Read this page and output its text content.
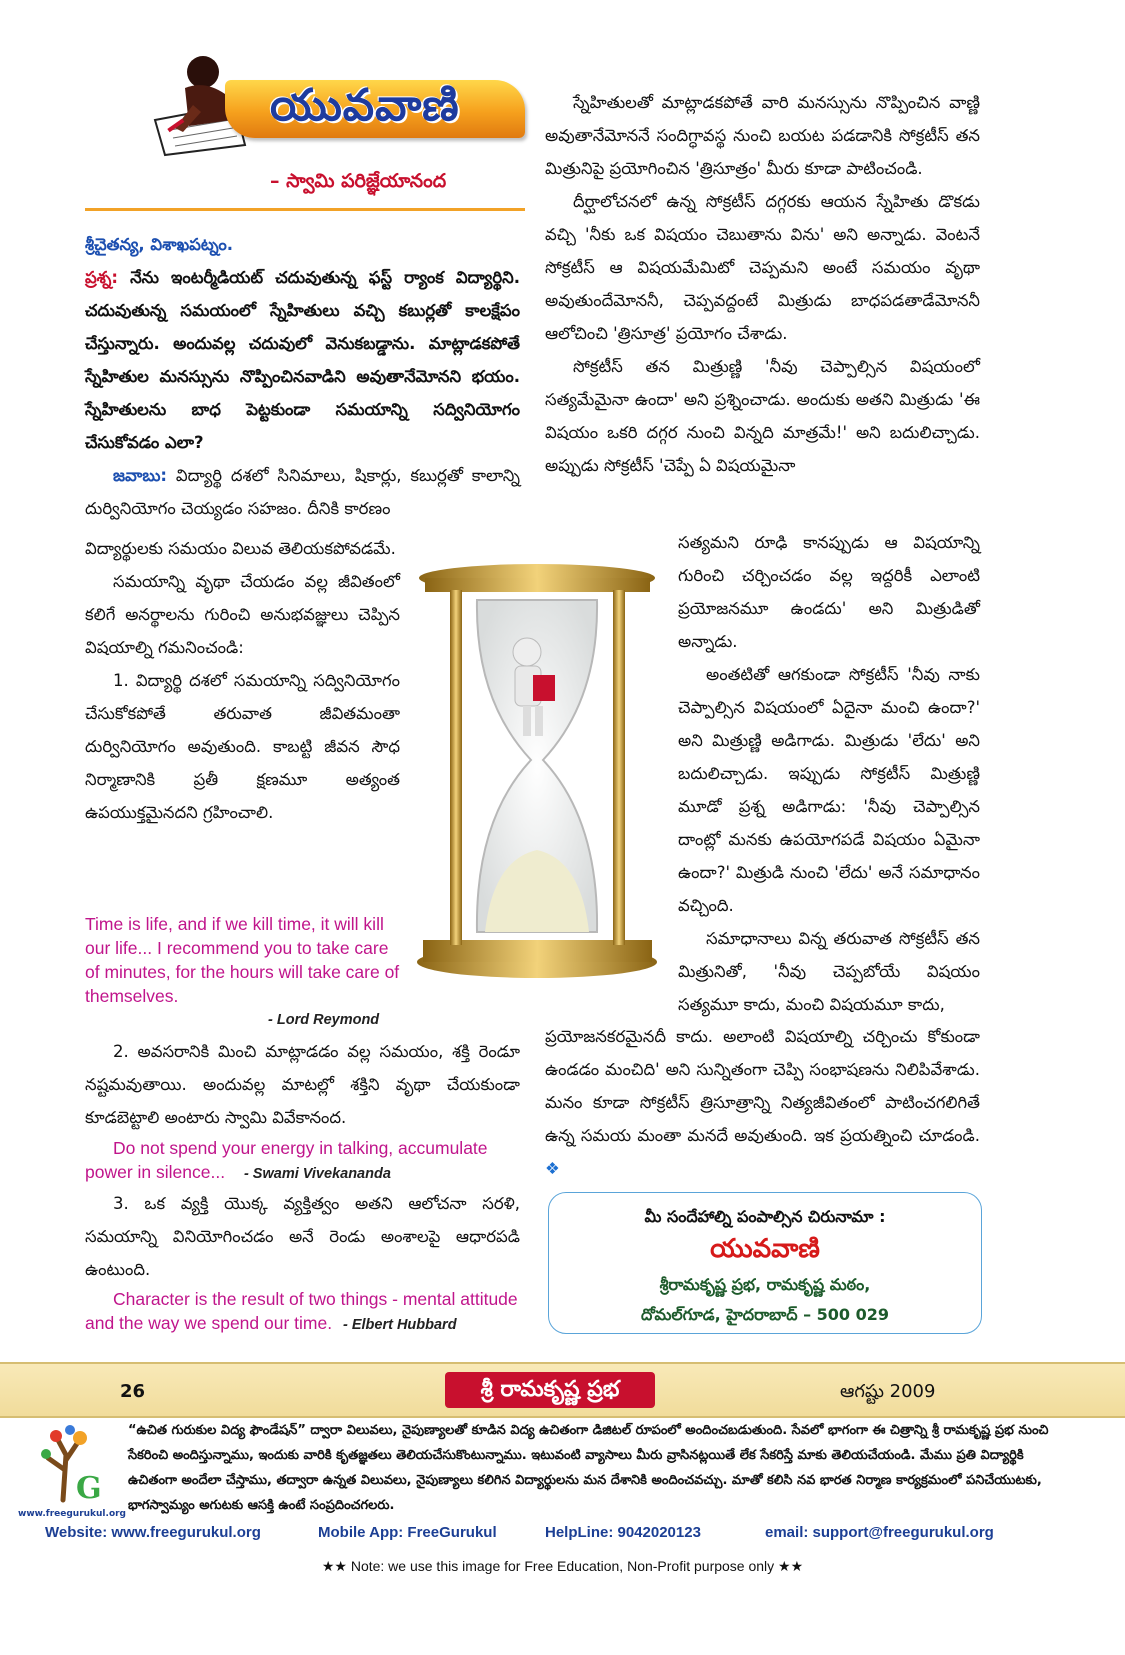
యువవాణి
– స్వామి పరిజ్ఞేయానంద

శ్రీచైతన్య, విశాఖపట్నం.

ప్రశ్న: నేను ఇంటర్మీడియట్ చదువుతున్న ఫస్ట్ ర్యాంక విద్యార్థిని. చదువుతున్న సమయంలో స్నేహితులు వచ్చి కబుర్లతో కాలక్షేపం చేస్తున్నారు. అందువల్ల చదువులో వెనుకబడ్డాను. మాట్లాడకపోతే స్నేహితుల మనస్సును నొప్పించినవాడిని అవుతానేమోనని భయం. స్నేహితులను బాధ పెట్టకుండా సమయాన్ని సద్వినియోగం చేసుకోవడం ఎలా?

జవాబు: విద్యార్థి దశలో సినిమాలు, షికార్లు, కబుర్లతో కాలాన్ని దుర్వినియోగం చెయ్యడం సహజం. దీనికి కారణం

విద్యార్థులకు సమయం విలువ తెలియకపోవడమే.

సమయాన్ని వృథా చేయడం వల్ల జీవితంలో కలిగే అనర్థాలను గురించి అనుభవజ్ఞులు చెప్పిన విషయాల్ని గమనించండి:

1. విద్యార్థి దశలో సమయాన్ని సద్వినియోగం చేసుకోకపోతే తరువాత జీవితమంతా దుర్వినియోగం అవుతుంది. కాబట్టి జీవన సౌధ నిర్మాణానికి ప్రతీ క్షణమూ అత్యంత ఉపయుక్తమైనదని గ్రహించాలి.

Time is life, and if we kill time, it will kill our life... I recommend you to take care of minutes, for the hours will take care of themselves.
- Lord Reymond

2. అవసరానికి మించి మాట్లాడడం వల్ల సమయం, శక్తి రెండూ నష్టమవుతాయి. అందువల్ల మాటల్లో శక్తిని వృథా చేయకుండా కూడబెట్టాలి అంటారు స్వామి వివేకానంద.

Do not spend your energy in talking, accumulate power in silence... - Swami Vivekananda

3. ఒక వ్యక్తి యొక్క వ్యక్తిత్వం అతని ఆలోచనా సరళి, సమయాన్ని వినియోగించడం అనే రెండు అంశాలపై ఆధారపడి ఉంటుంది.

Character is the result of two things - mental attitude and the way we spend our time. - Elbert Hubbard

స్నేహితులతో మాట్లాడకపోతే వారి మనస్సును నొప్పించిన వాణ్ణి అవుతానేమోననే సందిగ్ధావస్థ నుంచి బయట పడడానికి సోక్రటీస్ తన మిత్రునిపై ప్రయోగించిన 'త్రిసూత్రం' మీరు కూడా పాటించండి.

దీర్ఘాలోచనలో ఉన్న సోక్రటీస్ దగ్గరకు ఆయన స్నేహితు డొకడు వచ్చి 'నీకు ఒక విషయం చెబుతాను విను' అని అన్నాడు. వెంటనే సోక్రటీస్ ఆ విషయమేమిటో చెప్పమని అంటే సమయం వృథా అవుతుందేమోననీ, చెప్పవద్దంటే మిత్రుడు బాధపడతాడేమోననీ ఆలోచించి 'త్రిసూత్ర' ప్రయోగం చేశాడు.

సోక్రటీస్ తన మిత్రుణ్ణి 'నీవు చెప్పాల్సిన విషయంలో సత్యమేమైనా ఉందా' అని ప్రశ్నించాడు. అందుకు అతని మిత్రుడు 'ఈ విషయం ఒకరి దగ్గర నుంచి విన్నది మాత్రమే!' అని బదులిచ్చాడు. అప్పుడు సోక్రటీస్ 'చెప్పే ఏ విషయమైనా

సత్యమని రూఢి కానప్పుడు ఆ విషయాన్ని గురించి చర్చించడం వల్ల ఇద్దరికీ ఎలాంటి ప్రయోజనమూ ఉండదు' అని మిత్రుడితో అన్నాడు.

అంతటితో ఆగకుండా సోక్రటీస్ 'నీవు నాకు చెప్పాల్సిన విషయంలో ఏదైనా మంచి ఉందా?' అని మిత్రుణ్ణి అడిగాడు. మిత్రుడు 'లేదు' అని బదులిచ్చాడు. ఇప్పుడు సోక్రటీస్ మిత్రుణ్ణి మూడో ప్రశ్న అడిగాడు: 'నీవు చెప్పాల్సిన దాంట్లో మనకు ఉపయోగపడే విషయం ఏమైనా ఉందా?' మిత్రుడి నుంచి 'లేదు' అనే సమాధానం వచ్చింది.

సమాధానాలు విన్న తరువాత సోక్రటీస్ తన మిత్రునితో, 'నీవు చెప్పబోయే విషయం సత్యమూ కాదు, మంచి విషయమూ కాదు,

ప్రయోజనకరమైనదీ కాదు. అలాంటి విషయాల్ని చర్చించు కోకుండా ఉండడం మంచిది' అని సున్నితంగా చెప్పి సంభాషణను నిలిపివేశాడు. మనం కూడా సోక్రటీస్ త్రిసూత్రాన్ని నిత్యజీవితంలో పాటించగలిగితే ఉన్న సమయ మంతా మనదే అవుతుంది. ఇక ప్రయత్నించి చూడండి. ❖

మీ సందేహాల్ని పంపాల్సిన చిరునామా :
యువవాణి
శ్రీరామకృష్ణ ప్రభ, రామకృష్ణ మఠం,
దోమల్‌గూడ, హైదరాబాద్ – 500 029
26	శ్రీ రామకృష్ణ ప్రభ	ఆగష్టు 2009
G
www.freegurukul.org
“ఉచిత గురుకుల విద్య ఫౌండేషన్” ద్వారా విలువలు, నైపుణ్యాలతో కూడిన విద్య ఉచితంగా డిజిటల్ రూపంలో అందించబడుతుంది. సేవలో భాగంగా ఈ చిత్రాన్ని శ్రీ రామకృష్ణ ప్రభ నుంచి సేకరించి అందిస్తున్నాము, ఇందుకు వారికి కృతజ్ఞతలు తెలియచేసుకొంటున్నాము. ఇటువంటి వ్యాసాలు మీరు వ్రాసినట్లయితే లేక సేకరిస్తే మాకు తెలియచేయండి. మేము ప్రతి విద్యార్థికి ఉచితంగా అందేలా చేస్తాము, తద్వారా ఉన్నత విలువలు, నైపుణ్యాలు కలిగిన విద్యార్థులను మన దేశానికి అందించవచ్చు. మాతో కలిసి నవ భారత నిర్మాణ కార్యక్రమంలో పనిచేయుటకు, భాగస్వామ్యం అగుటకు ఆసక్తి ఉంటే సంప్రదించగలరు.
Website: www.freegurukul.org	Mobile App: FreeGurukul	HelpLine: 9042020123	email: support@freegurukul.org
★★ Note: we use this image for Free Education, Non-Profit purpose only ★★
